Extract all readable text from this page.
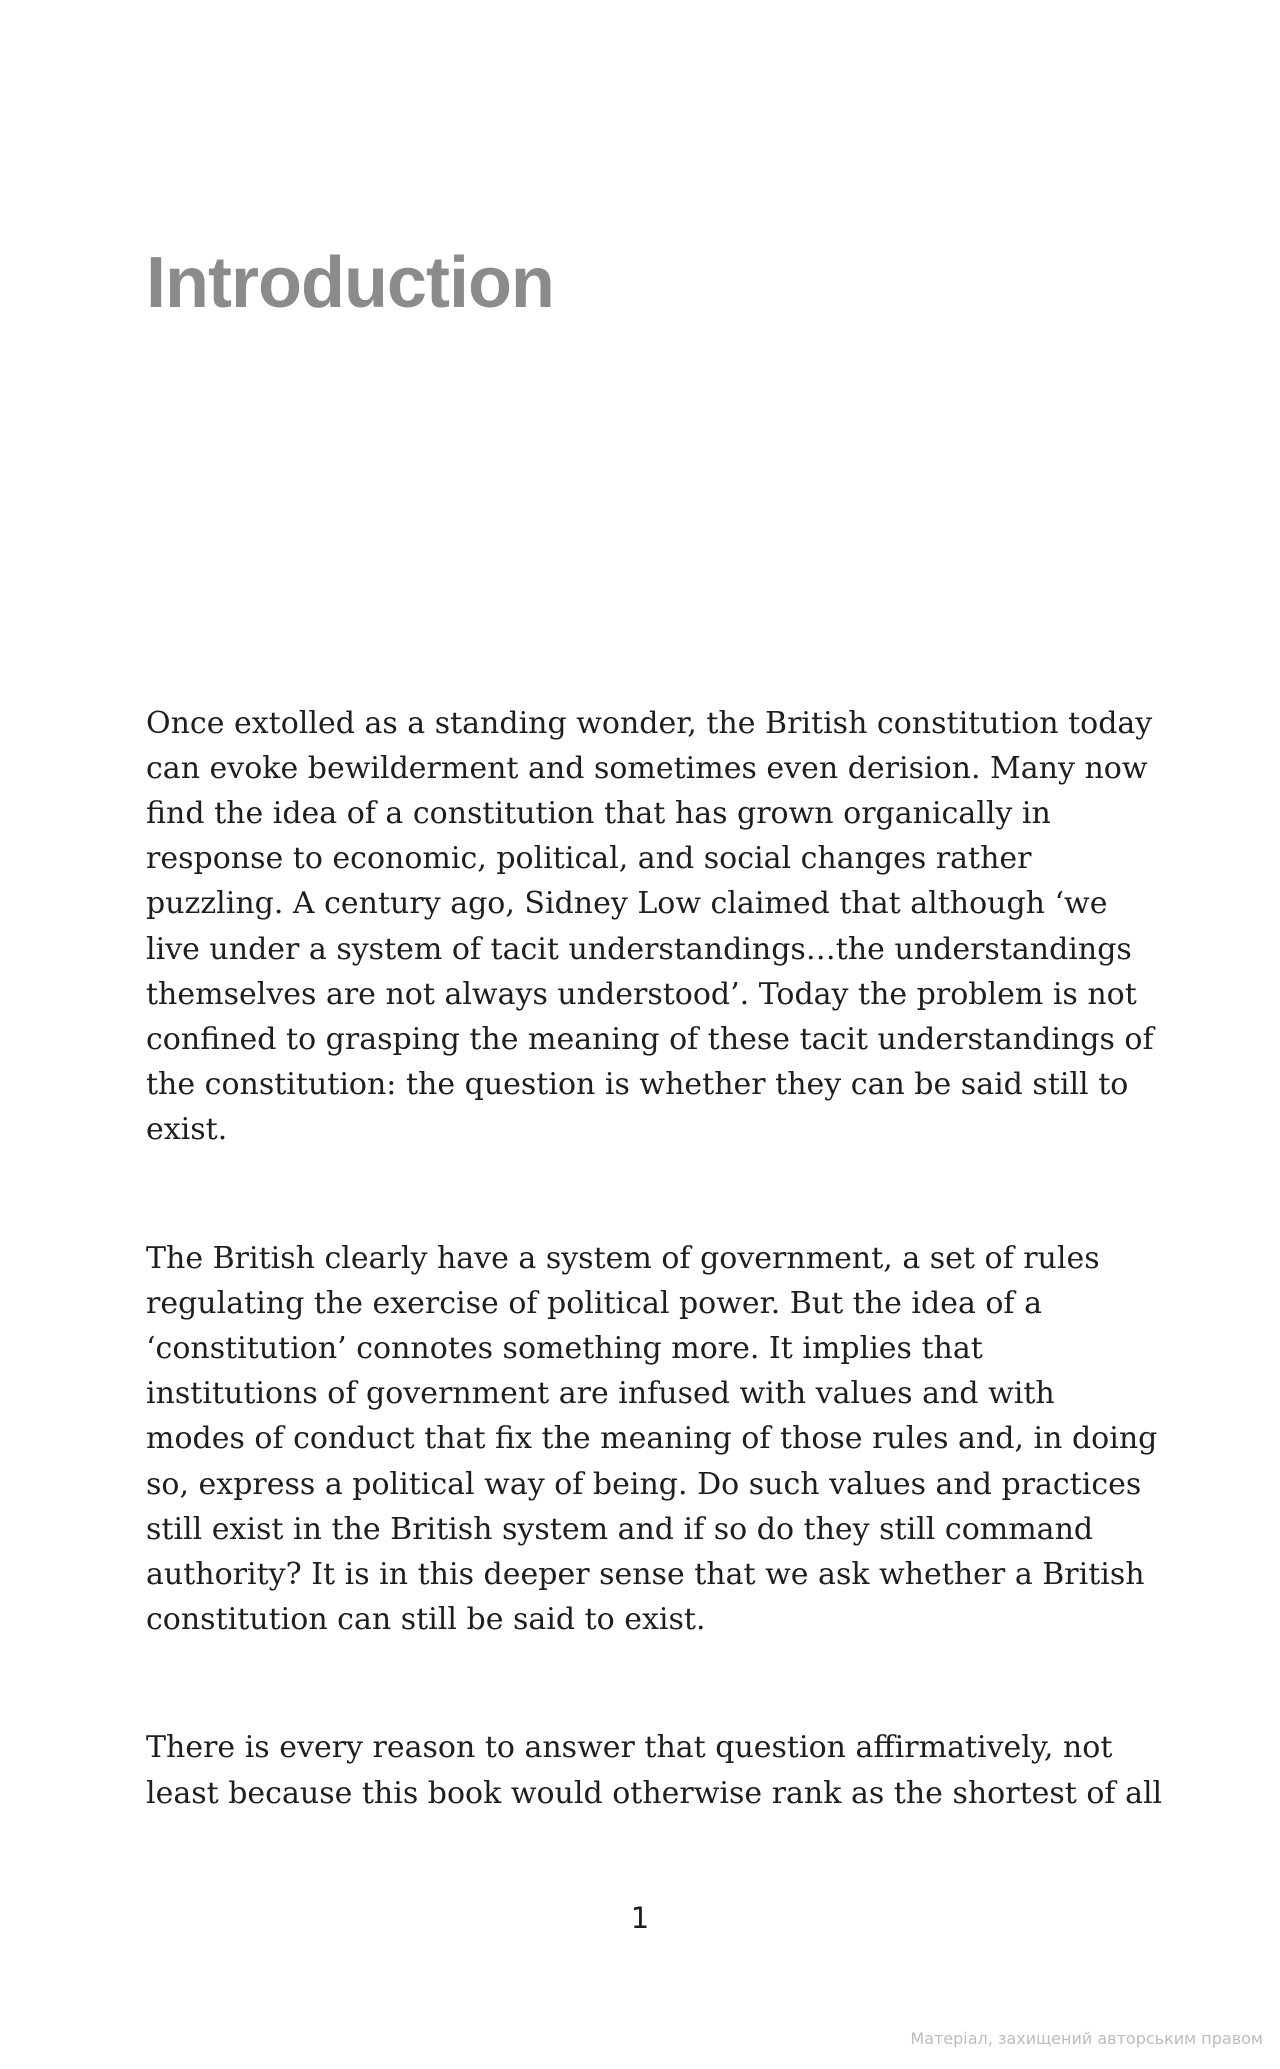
Introduction

Once extolled as a standing wonder, the British constitution today
can evoke bewilderment and sometimes even derision. Many now
find the idea of a constitution that has grown organically in
response to economic, political, and social changes rather
puzzling. A century ago, Sidney Low claimed that although ‘we
live under a system of tacit understandings…the understandings
themselves are not always understood’. Today the problem is not
confined to grasping the meaning of these tacit understandings of
the constitution: the question is whether they can be said still to
exist.

The British clearly have a system of government, a set of rules
regulating the exercise of political power. But the idea of a
‘constitution’ connotes something more. It implies that
institutions of government are infused with values and with
modes of conduct that fix the meaning of those rules and, in doing
so, express a political way of being. Do such values and practices
still exist in the British system and if so do they still command
authority? It is in this deeper sense that we ask whether a British
constitution can still be said to exist.

There is every reason to answer that question affirmatively, not
least because this book would otherwise rank as the shortest of all

1
Матеріал, захищений авторським правом
